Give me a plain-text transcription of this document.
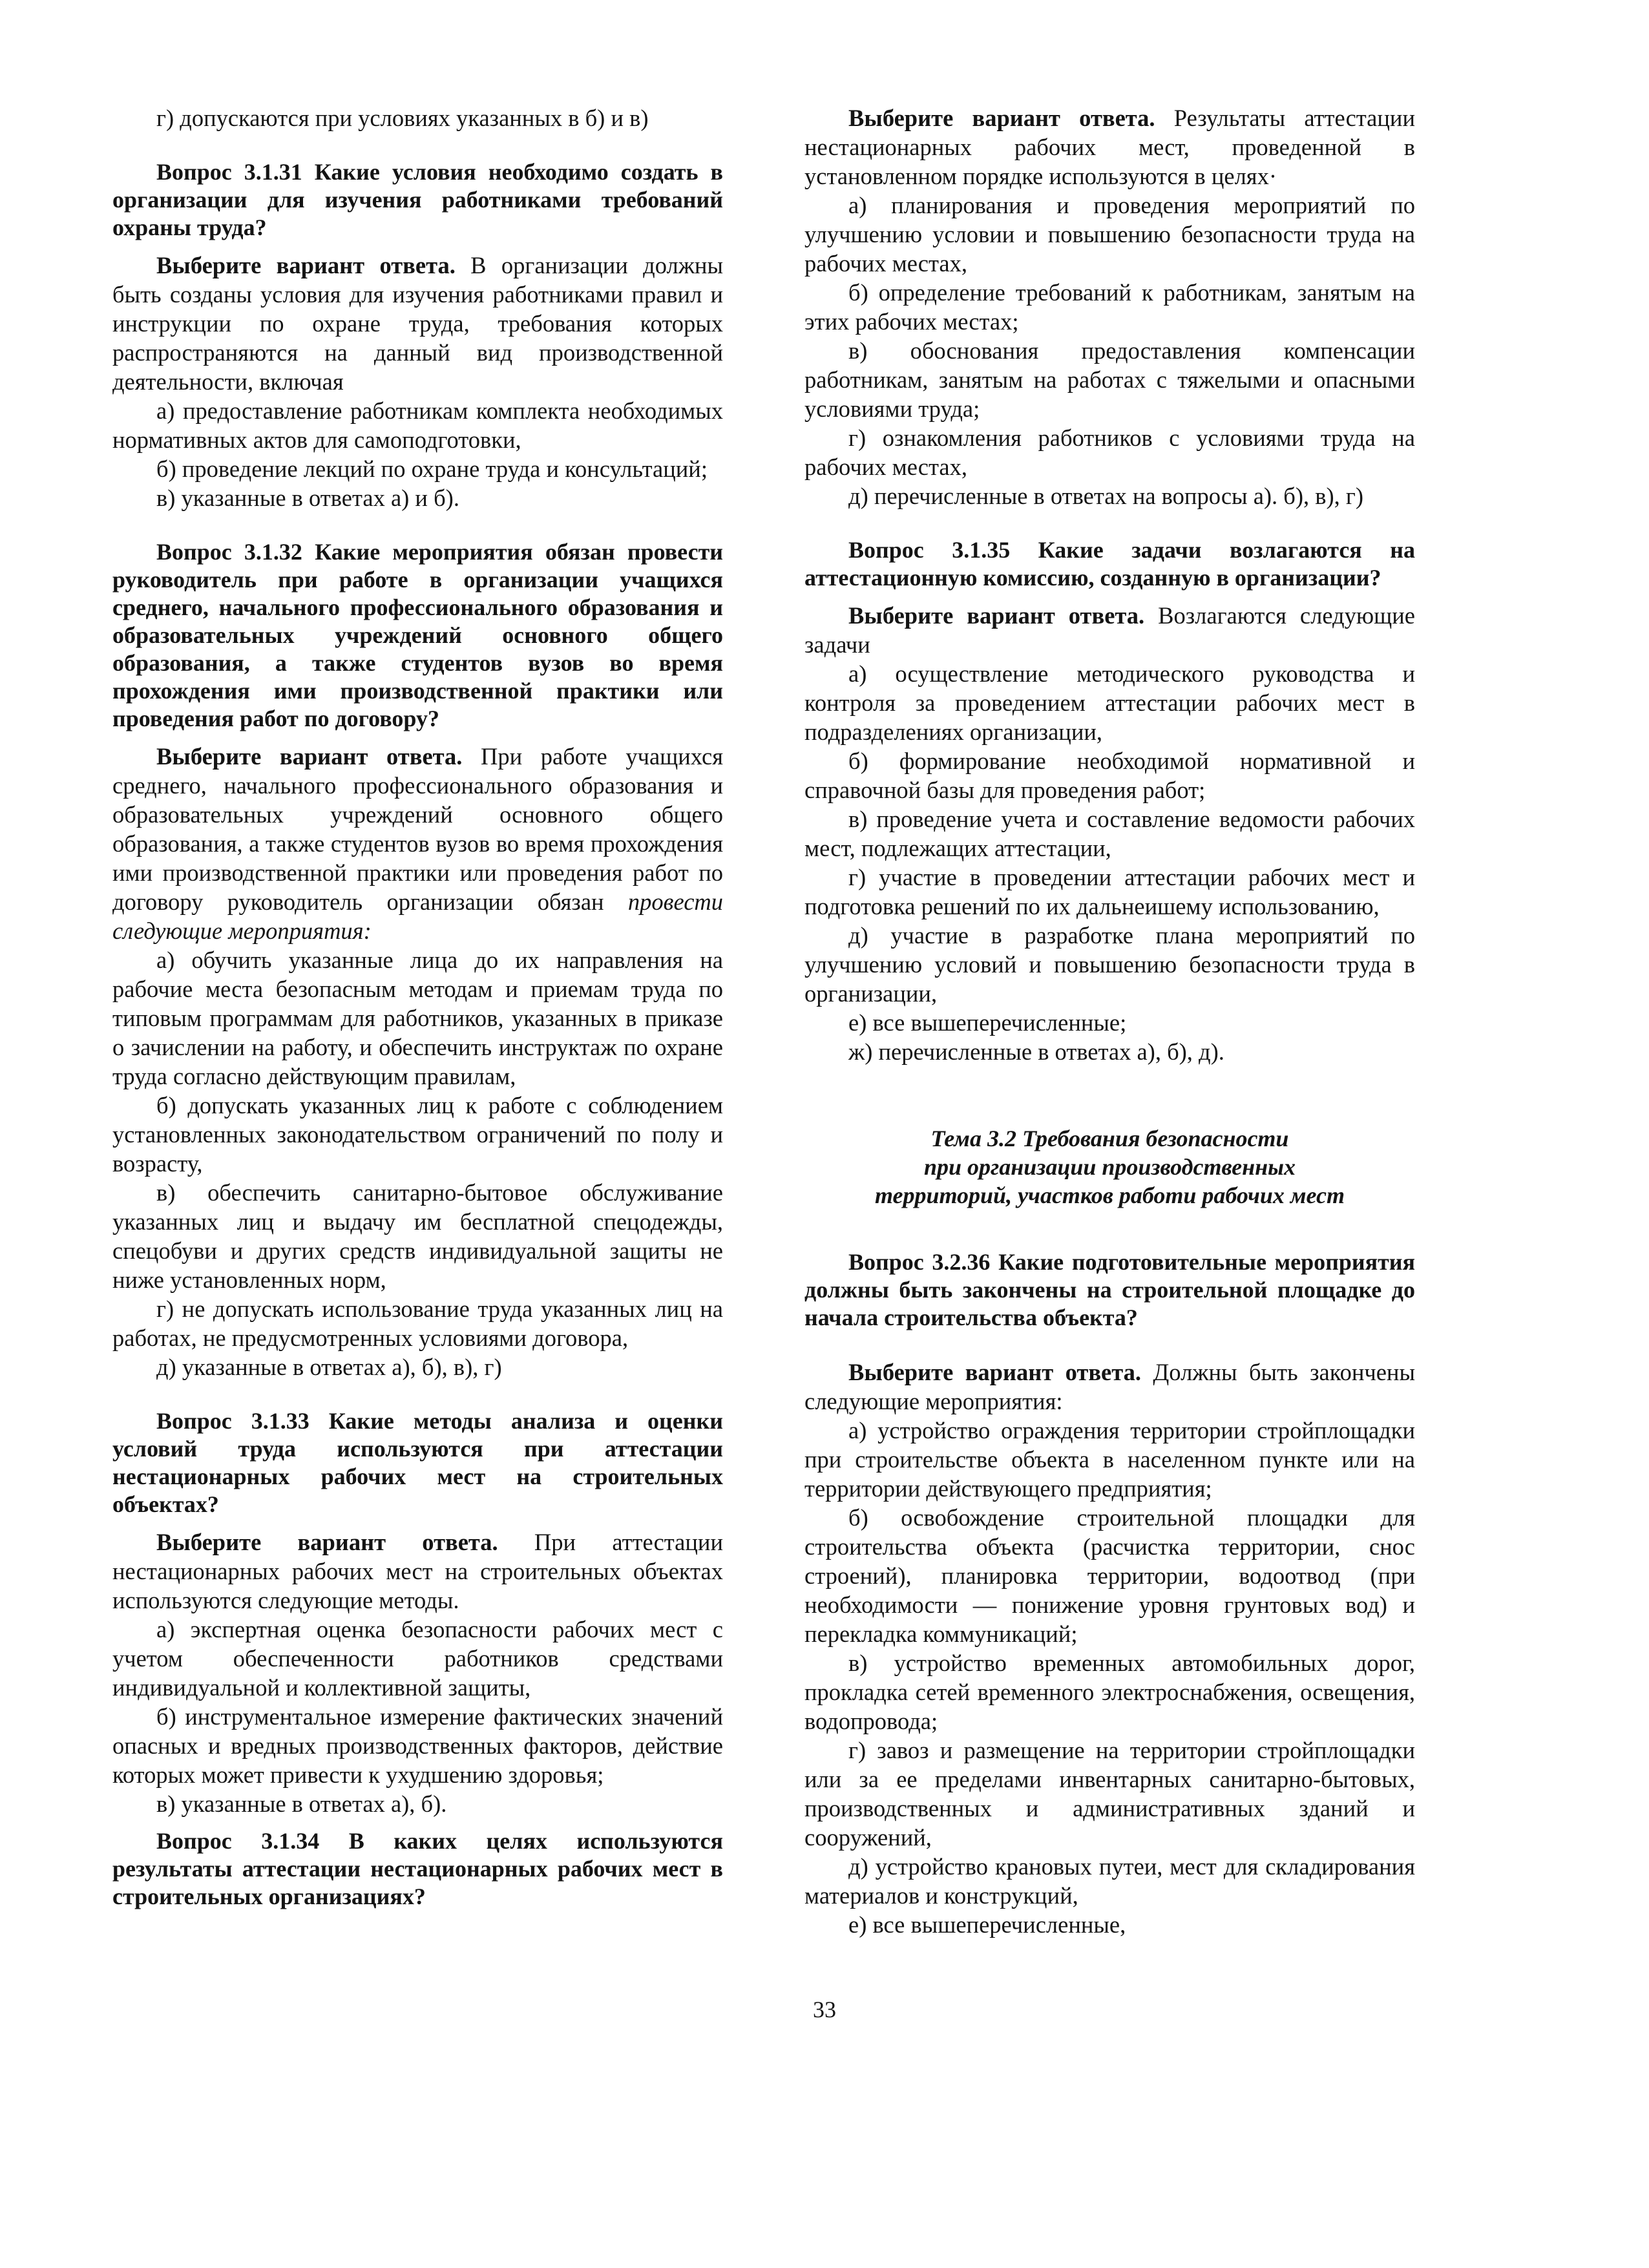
г) допускаются при условиях указанных в б) и в)

Вопрос 3.1.31 Какие условия необходимо создать в организации для изучения работниками требований охраны труда?

Выберите вариант ответа. В организации должны быть созданы условия для изучения работниками правил и инструкции по охране труда, требования которых распространяются на данный вид производственной деятельности, включая

а) предоставление работникам комплекта необходимых нормативных актов для самоподготовки,

б) проведение лекций по охране труда и консультаций;

в) указанные в ответах а) и б).

Вопрос 3.1.32 Какие мероприятия обязан провести руководитель при работе в организации учащихся среднего, начального профессионального образования и образовательных учреждений основного общего образования, а также студентов вузов во время прохождения ими производственной практики или проведения работ по договору?

Выберите вариант ответа. При работе учащихся среднего, начального профессионального образования и образовательных учреждений основного общего образования, а также студентов вузов во время прохождения ими производственной практики или проведения работ по договору руководитель организации обязан провести следующие мероприятия:

а) обучить указанные лица до их направления на рабочие места безопасным методам и приемам труда по типовым программам для работников, указанных в приказе о зачислении на работу, и обеспечить инструктаж по охране труда согласно действующим правилам,

б) допускать указанных лиц к работе с соблюдением установленных законодательством ограничений по полу и возрасту,

в) обеспечить санитарно-бытовое обслуживание указанных лиц и выдачу им бесплатной спецодежды, спецобуви и других средств индивидуальной защиты не ниже установленных норм,

г) не допускать использование труда указанных лиц на работах, не предусмотренных условиями договора,

д) указанные в ответах а), б), в), г)

Вопрос 3.1.33 Какие методы анализа и оценки условий труда используются при аттестации нестационарных рабочих мест на строительных объектах?

Выберите вариант ответа. При аттестации нестационарных рабочих мест на строительных объектах используются следующие методы.

а) экспертная оценка безопасности рабочих мест с учетом обеспеченности работников средствами индивидуальной и коллективной защиты,

б) инструментальное измерение фактических значений опасных и вредных производственных факторов, действие которых может привести к ухудшению здоровья;

в) указанные в ответах а), б).

Вопрос 3.1.34 В каких целях используются результаты аттестации нестационарных рабочих мест в строительных организациях?

Выберите вариант ответа. Результаты аттестации нестационарных рабочих мест, проведенной в установленном порядке используются в целях·

а) планирования и проведения мероприятий по улучшению условии и повышению безопасности труда на рабочих местах,

б) определение требований к работникам, занятым на этих рабочих местах;

в) обоснования предоставления компенсации работникам, занятым на работах с тяжелыми и опасными условиями труда;

г) ознакомления работников с условиями труда на рабочих местах,

д) перечисленные в ответах на вопросы а). б), в), г)

Вопрос 3.1.35 Какие задачи возлагаются на аттестационную комиссию, созданную в организации?

Выберите вариант ответа. Возлагаются следующие задачи

а) осуществление методического руководства и контроля за проведением аттестации рабочих мест в подразделениях организации,

б) формирование необходимой нормативной и справочной базы для проведения работ;

в) проведение учета и составление ведомости рабочих мест, подлежащих аттестации,

г) участие в проведении аттестации рабочих мест и подготовка решений по их дальнеишему использованию,

д) участие в разработке плана мероприятий по улучшению условий и повышению безопасности труда в организации,

е) все вышеперечисленные;

ж) перечисленные в ответах а), б), д).

Тема 3.2 Требования безопасности
при организации производственных
территорий, участков работи рабочих мест

Вопрос 3.2.36 Какие подготовительные мероприятия должны быть закончены на строительной площадке до начала строительства объекта?

Выберите вариант ответа. Должны быть закончены следующие мероприятия:

а) устройство ограждения территории стройплощадки при строительстве объекта в населенном пункте или на территории действующего предприятия;

б) освобождение строительной площадки для строительства объекта (расчистка территории, снос строений), планировка территории, водоотвод (при необходимости — понижение уровня грунтовых вод) и перекладка коммуникаций;

в) устройство временных автомобильных дорог, прокладка сетей временного электроснабжения, освещения, водопровода;

г) завоз и размещение на территории стройплощадки или за ее пределами инвентарных санитарно-бытовых, производственных и административных зданий и сооружений,

д) устройство крановых путеи, мест для складирования материалов и конструкций,

е) все вышеперечисленные,

33
